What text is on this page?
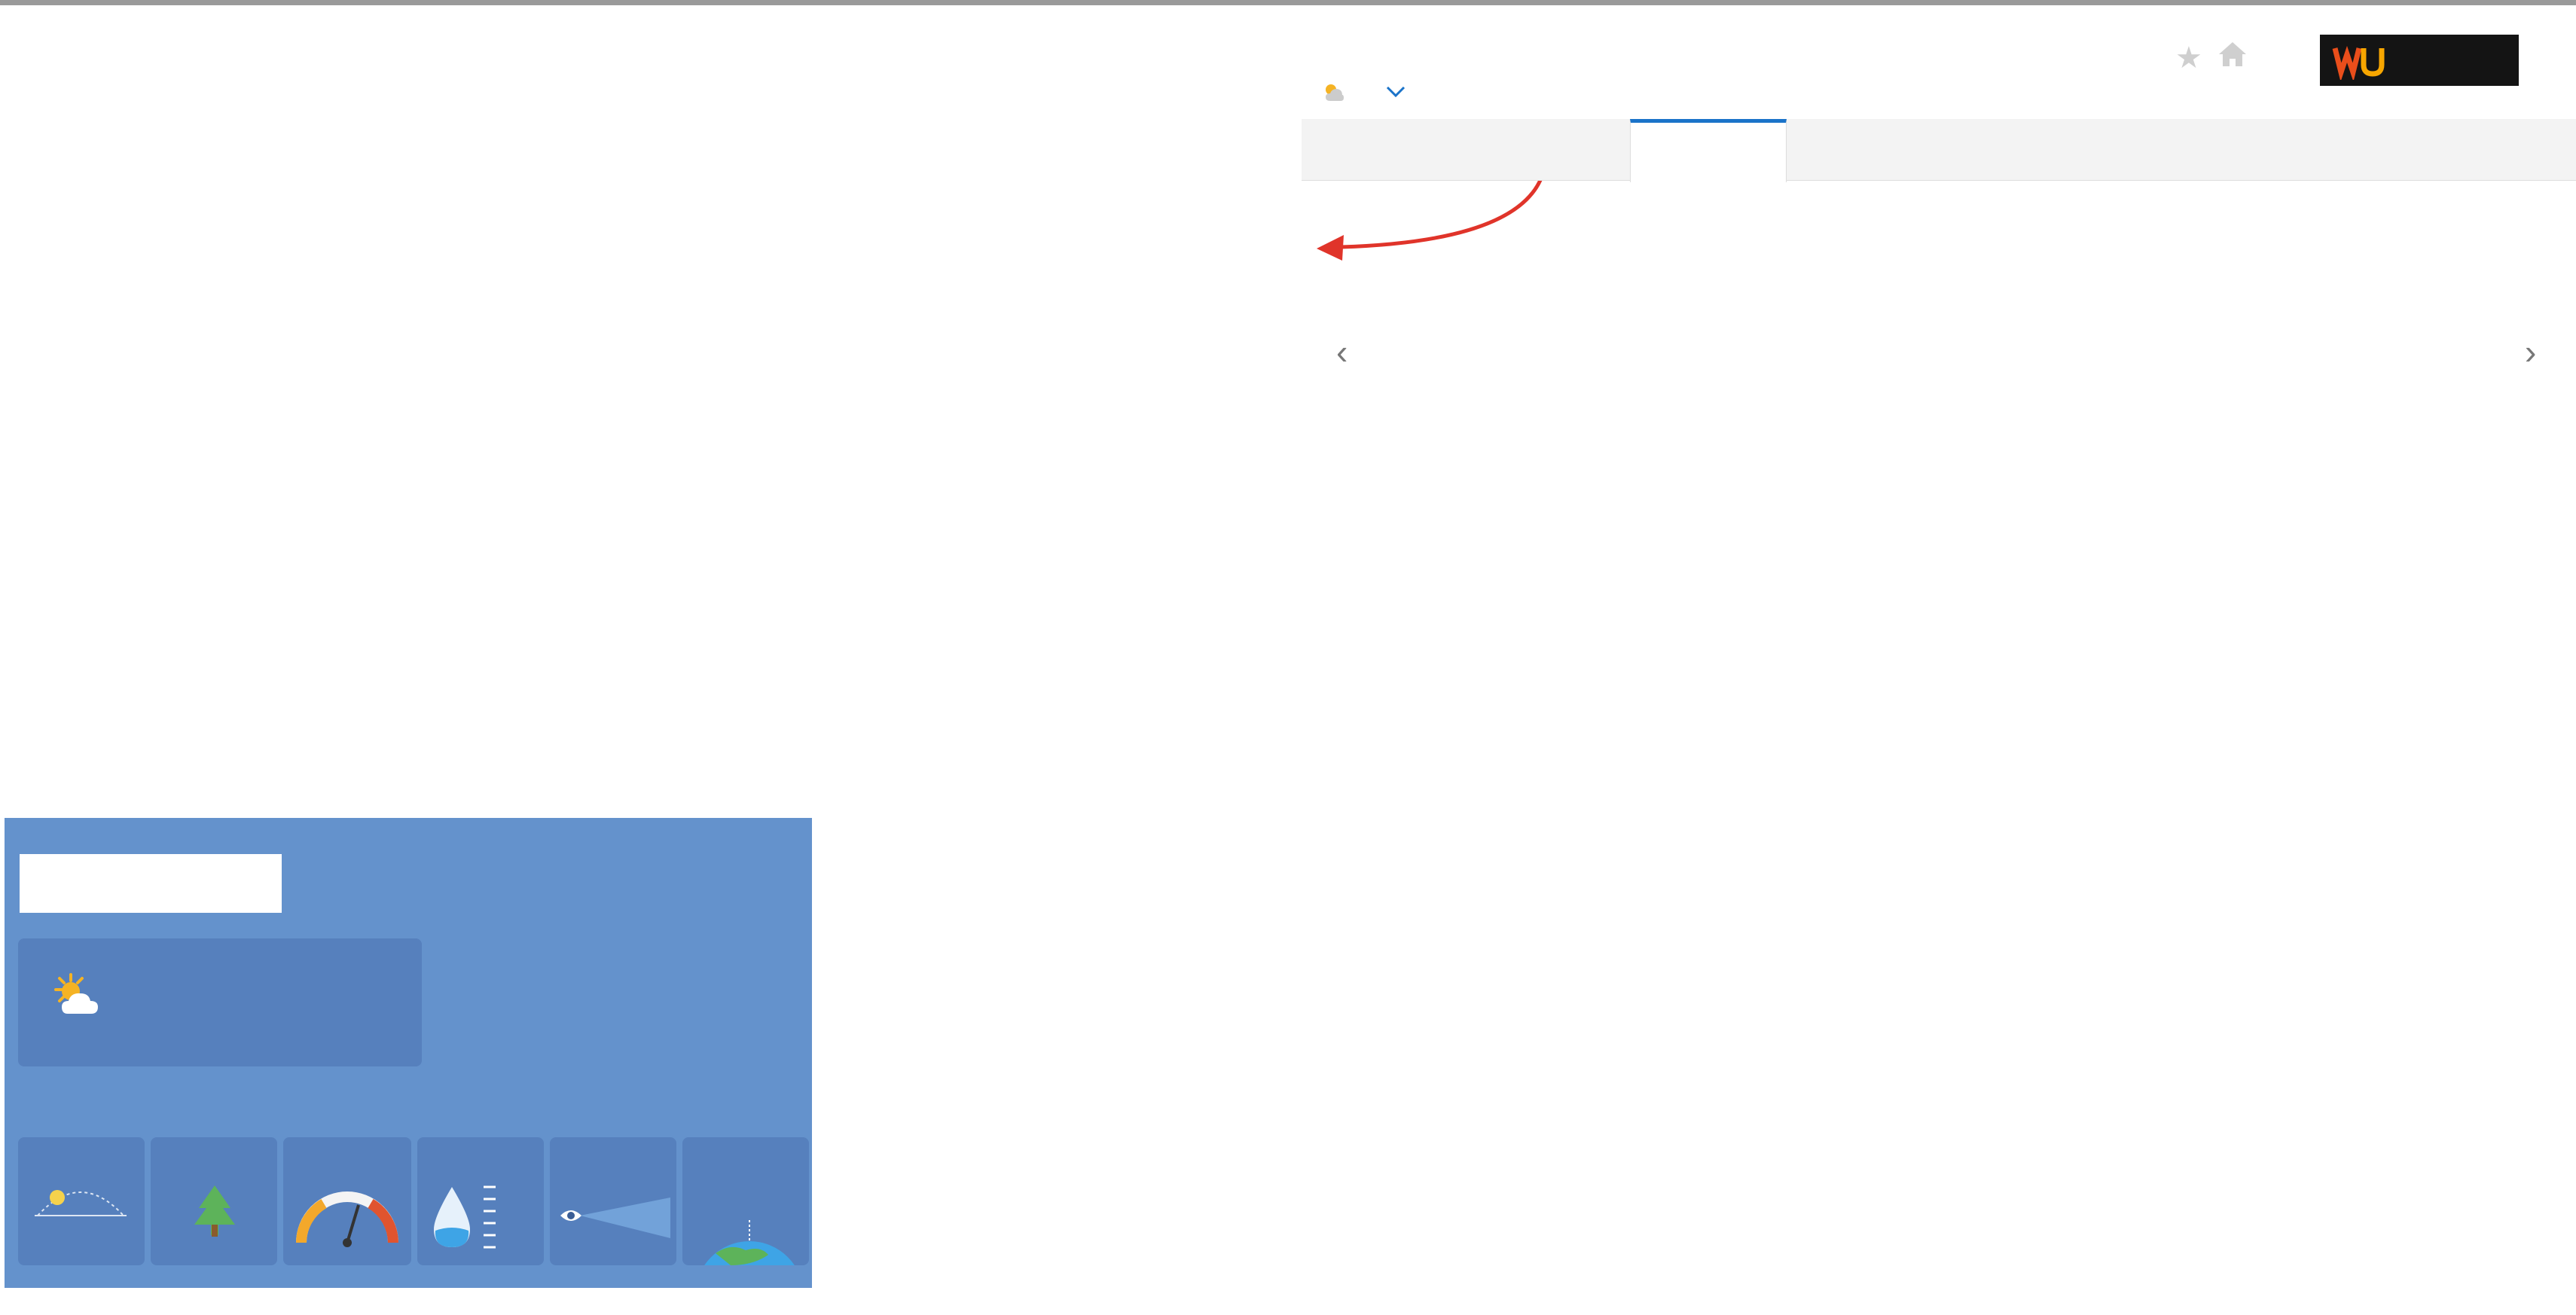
★
‹	›
